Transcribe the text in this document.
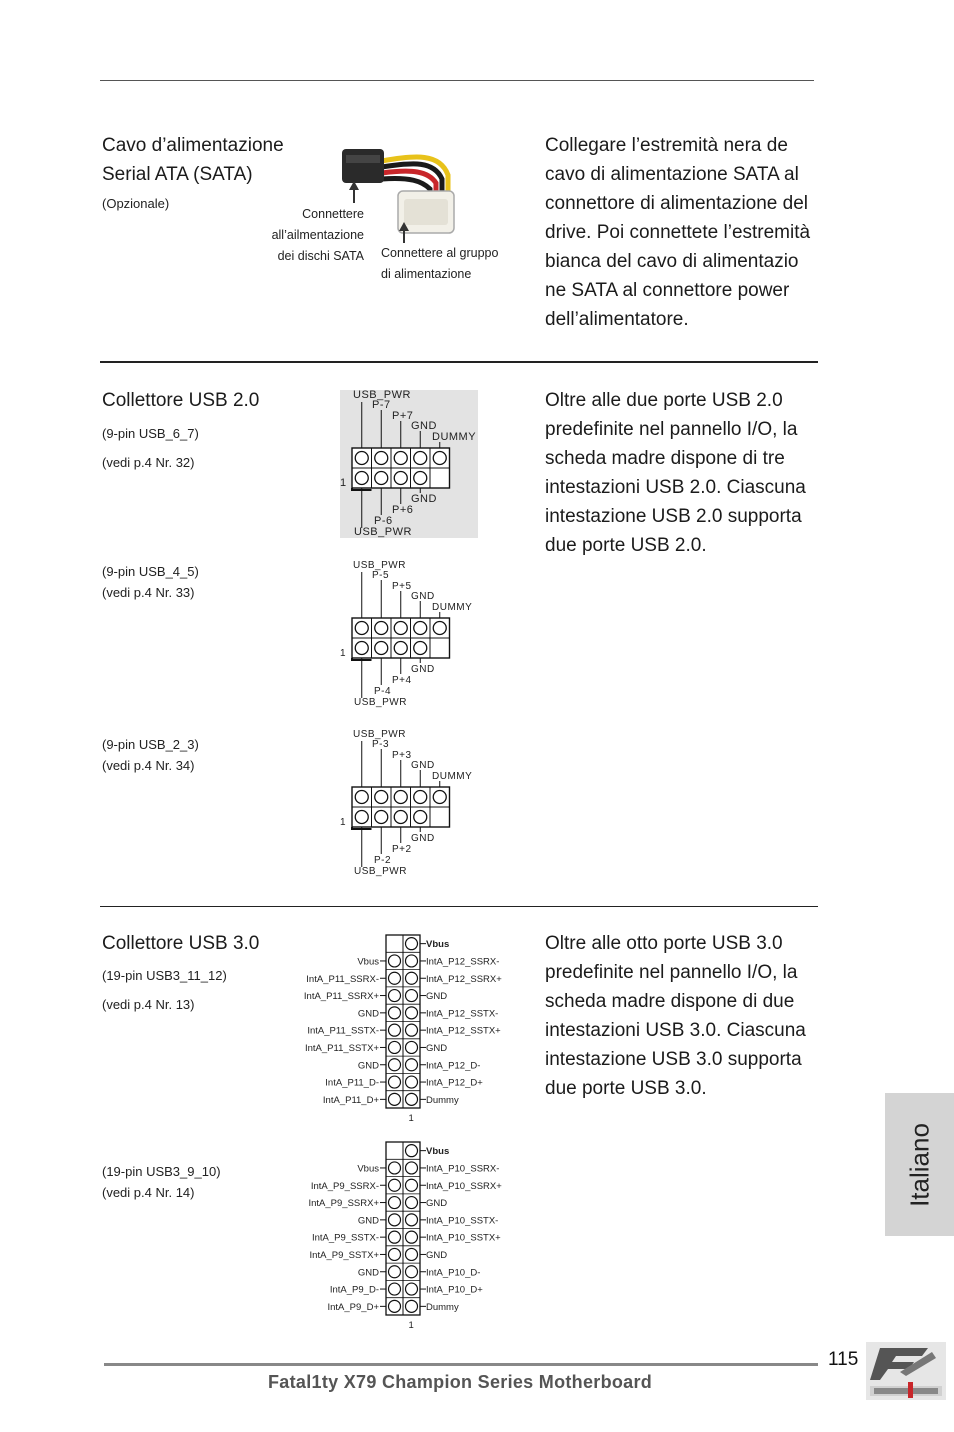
Cavo d’alimentazione
Serial ATA (SATA)
(Opzionale)
Connettere
all’ailmentazione
dei dischi SATA Connettere al gruppo
di alimentazione
Collegare l’estremità nera de
cavo di alimentazione SATA al
connettore di alimentazione del
drive. Poi connettete l’estremità
bianca del cavo di alimentazio
ne SATA al connettore power
dell’alimentatore.
Collettore USB 2.0
(9-pin USB_6_7)
(vedi p.4 Nr. 32)
(9-pin USB_4_5)
(vedi p.4 Nr. 33)
(9-pin USB_2_3)
(vedi p.4 Nr. 34)
1
USB_PWR
P-7
P+7
GND
DUMMY
GND
P+6
P-6
USB_PWR
1
USB_PWR
P-5
P+5
GND
DUMMY
GND
P+4
P-4
USB_PWR
1
USB_PWR
P-3
P+3
GND
DUMMY
GND
P+2
P-2
USB_PWR
Oltre alle due porte USB 2.0
predefinite nel pannello I/O, la
scheda madre dispone di tre
intestazioni USB 2.0. Ciascuna
intestazione USB 2.0 supporta
due porte USB 2.0.
Collettore USB 3.0
(19-pin USB3_11_12)
(vedi p.4 Nr. 13)
(19-pin USB3_9_10)
(vedi p.4 Nr. 14)
Vbus
IntA_P12_SSRX-
Vbus
IntA_P12_SSRX+
IntA_P11_SSRX-
GND
IntA_P11_SSRX+
IntA_P12_SSTX-
GND
IntA_P12_SSTX+
IntA_P11_SSTX-
GND
IntA_P11_SSTX+
IntA_P12_D-
GND
IntA_P12_D+
IntA_P11_D-
Dummy
IntA_P11_D+
1
Vbus
IntA_P10_SSRX-
Vbus
IntA_P10_SSRX+
IntA_P9_SSRX-
GND
IntA_P9_SSRX+
IntA_P10_SSTX-
GND
IntA_P10_SSTX+
IntA_P9_SSTX-
GND
IntA_P9_SSTX+
IntA_P10_D-
GND
IntA_P10_D+
IntA_P9_D-
Dummy
IntA_P9_D+
1
Oltre alle otto porte USB 3.0
predefinite nel pannello I/O, la
scheda madre dispone di due
intestazioni USB 3.0. Ciascuna
intestazione USB 3.0 supporta
due porte USB 3.0.
Italiano
115
Fatal1ty X79 Champion Series Motherboard
